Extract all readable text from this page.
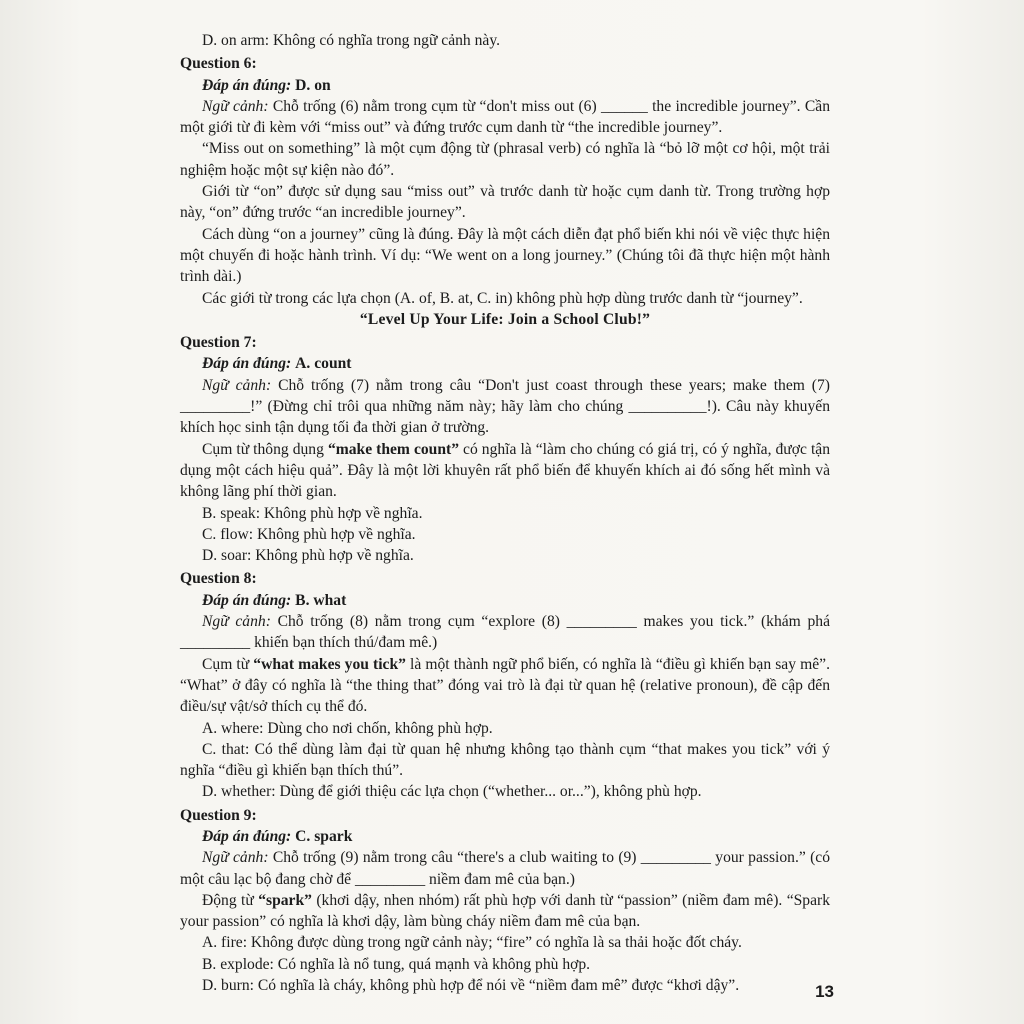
D. on arm: Không có nghĩa trong ngữ cảnh này.

Question 6:

Đáp án đúng: D. on

Ngữ cảnh: Chỗ trống (6) nằm trong cụm từ “don't miss out (6) ______ the incredible journey”. Cần một giới từ đi kèm với “miss out” và đứng trước cụm danh từ “the incredible journey”.

“Miss out on something” là một cụm động từ (phrasal verb) có nghĩa là “bỏ lỡ một cơ hội, một trải nghiệm hoặc một sự kiện nào đó”.

Giới từ “on” được sử dụng sau “miss out” và trước danh từ hoặc cụm danh từ. Trong trường hợp này, “on” đứng trước “an incredible journey”.

Cách dùng “on a journey” cũng là đúng. Đây là một cách diễn đạt phổ biến khi nói về việc thực hiện một chuyến đi hoặc hành trình. Ví dụ: “We went on a long journey.” (Chúng tôi đã thực hiện một hành trình dài.)

Các giới từ trong các lựa chọn (A. of, B. at, C. in) không phù hợp dùng trước danh từ “journey”.

“Level Up Your Life: Join a School Club!”

Question 7:

Đáp án đúng: A. count

Ngữ cảnh: Chỗ trống (7) nằm trong câu “Don't just coast through these years; make them (7) _________!” (Đừng chỉ trôi qua những năm này; hãy làm cho chúng __________!). Câu này khuyến khích học sinh tận dụng tối đa thời gian ở trường.

Cụm từ thông dụng “make them count” có nghĩa là “làm cho chúng có giá trị, có ý nghĩa, được tận dụng một cách hiệu quả”. Đây là một lời khuyên rất phổ biến để khuyến khích ai đó sống hết mình và không lãng phí thời gian.

B. speak: Không phù hợp về nghĩa.

C. flow: Không phù hợp về nghĩa.

D. soar: Không phù hợp về nghĩa.

Question 8:

Đáp án đúng: B. what

Ngữ cảnh: Chỗ trống (8) nằm trong cụm “explore (8) _________ makes you tick.” (khám phá _________ khiến bạn thích thú/đam mê.)

Cụm từ “what makes you tick” là một thành ngữ phổ biến, có nghĩa là “điều gì khiến bạn say mê”. “What” ở đây có nghĩa là “the thing that” đóng vai trò là đại từ quan hệ (relative pronoun), đề cập đến điều/sự vật/sở thích cụ thể đó.

A. where: Dùng cho nơi chốn, không phù hợp.

C. that: Có thể dùng làm đại từ quan hệ nhưng không tạo thành cụm “that makes you tick” với ý nghĩa “điều gì khiến bạn thích thú”.

D. whether: Dùng để giới thiệu các lựa chọn (“whether... or...”), không phù hợp.

Question 9:

Đáp án đúng: C. spark

Ngữ cảnh: Chỗ trống (9) nằm trong câu “there's a club waiting to (9) _________ your passion.” (có một câu lạc bộ đang chờ để _________ niềm đam mê của bạn.)

Động từ “spark” (khơi dậy, nhen nhóm) rất phù hợp với danh từ “passion” (niềm đam mê). “Spark your passion” có nghĩa là khơi dậy, làm bùng cháy niềm đam mê của bạn.

A. fire: Không được dùng trong ngữ cảnh này; “fire” có nghĩa là sa thải hoặc đốt cháy.

B. explode: Có nghĩa là nổ tung, quá mạnh và không phù hợp.

D. burn: Có nghĩa là cháy, không phù hợp để nói về “niềm đam mê” được “khơi dậy”.	13
